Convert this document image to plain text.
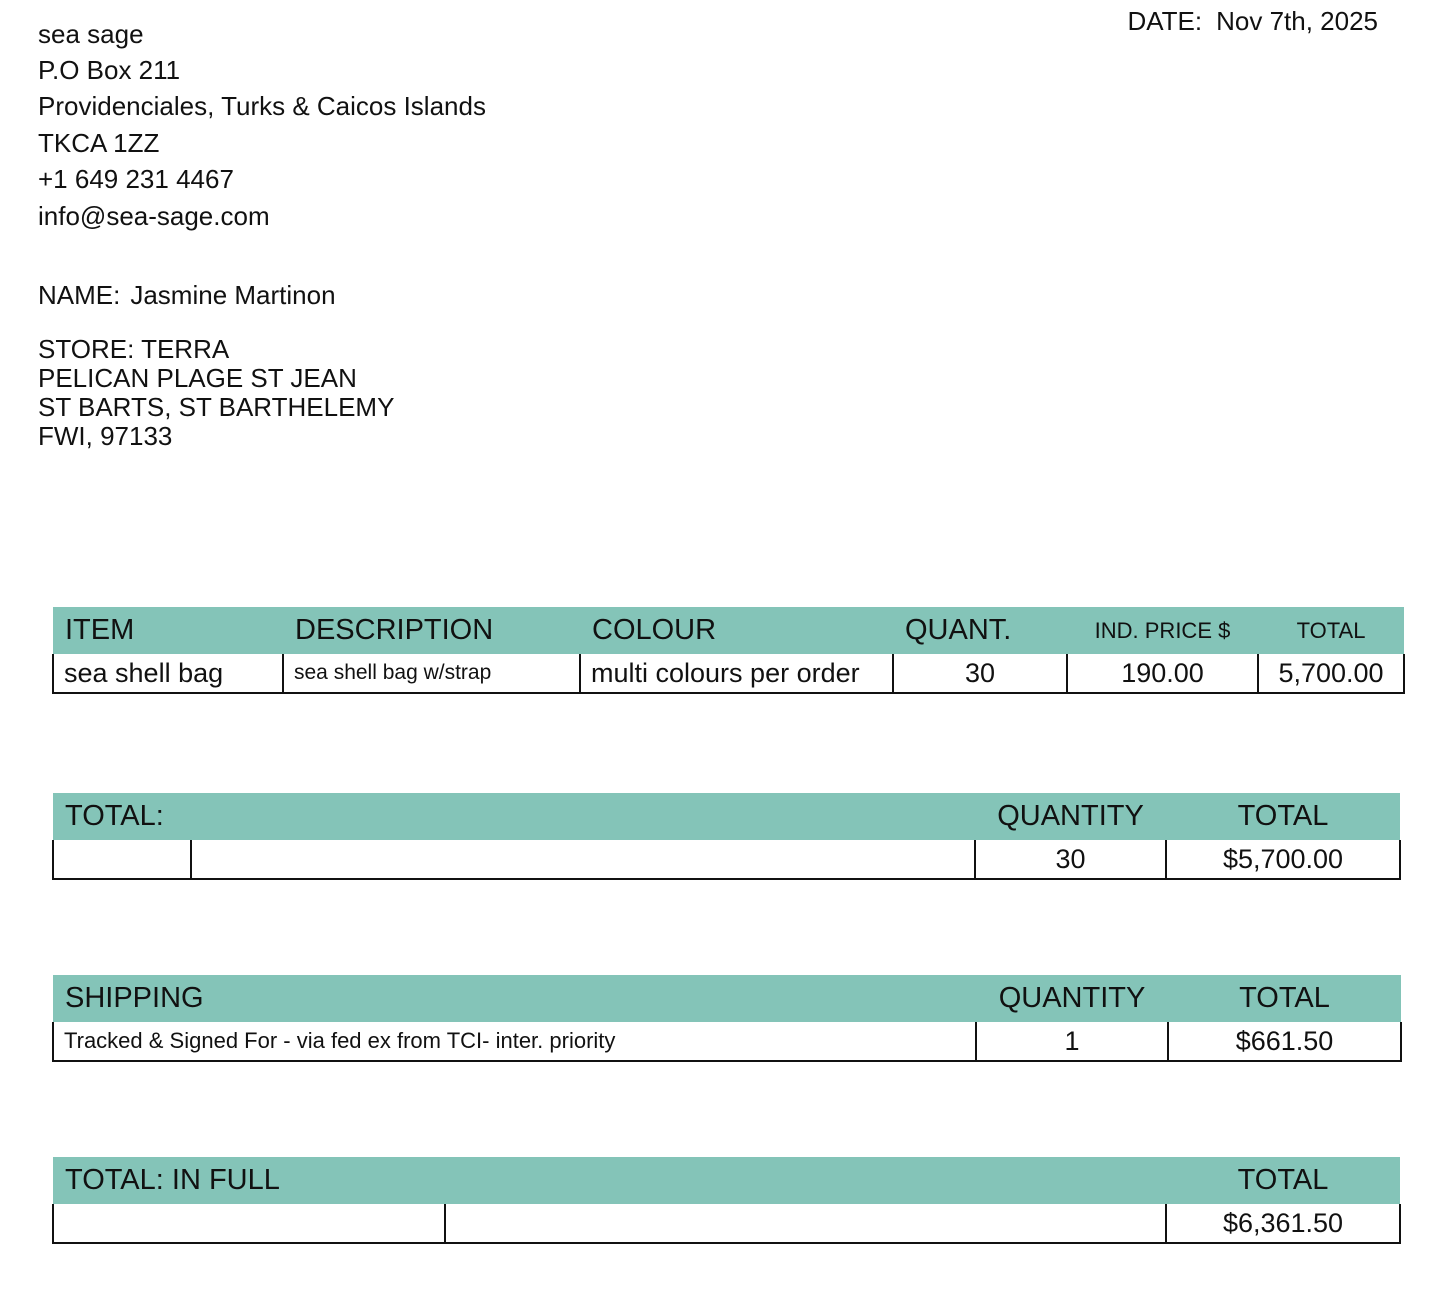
sea sage
P.O Box 211
Providenciales, Turks & Caicos Islands
TKCA 1ZZ
+1 649 231 4467
info@sea-sage.com
DATE: Nov 7th, 2025
NAME: Jasmine Martinon
STORE: TERRA
PELICAN PLAGE ST JEAN
ST BARTS, ST BARTHELEMY
FWI, 97133
ITEM	DESCRIPTION	COLOUR	QUANT.	IND. PRICE $	TOTAL
sea shell bag	sea shell bag w/strap	multi colours per order	30	190.00	5,700.00
TOTAL:		QUANTITY	TOTAL
		30	$5,700.00
SHIPPING	QUANTITY	TOTAL
Tracked & Signed For - via fed ex from TCI- inter. priority	1	$661.50
TOTAL: IN FULL		TOTAL
		$6,361.50
